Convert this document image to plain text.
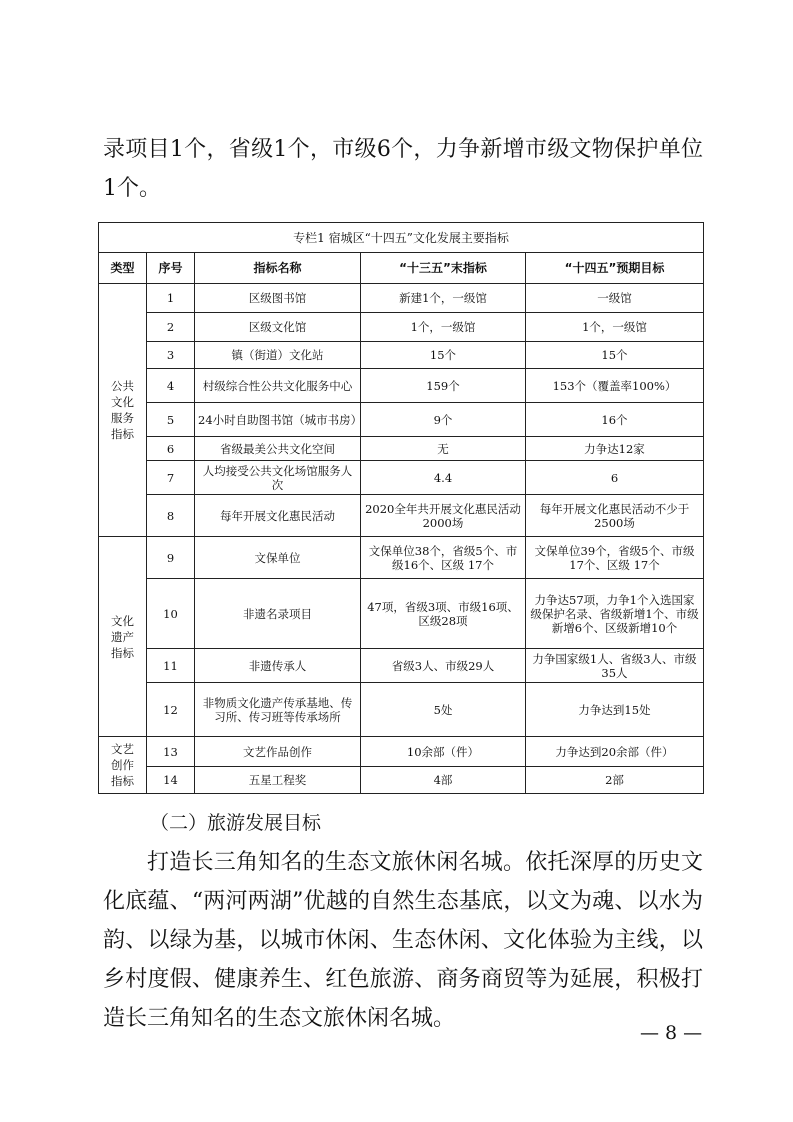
录项目1个，省级1个，市级6个，力争新增市级文物保护单位1个。

专栏1 宿城区“十四五”文化发展主要指标				
类型	序号	指标名称	“十三五”末指标	“十四五”预期目标
公共文化服务指标	1	区级图书馆	新建1个，一级馆	一级馆
	2	区级文化馆	1个，一级馆	1个，一级馆
	3	镇（街道）文化站	15个	15个
	4	村级综合性公共文化服务中心	159个	153个（覆盖率100%）
	5	24小时自助图书馆（城市书房）	9个	16个
	6	省级最美公共文化空间	无	力争达12家
	7	人均接受公共文化场馆服务人次	4.4	6
	8	每年开展文化惠民活动	2020全年共开展文化惠民活动2000场	每年开展文化惠民活动不少于2500场
文化遗产指标	9	文保单位	文保单位38个，省级5个、市级16个、区级 17个	文保单位39个，省级5个、市级17个、区级 17个
	10	非遗名录项目	47项，省级3项、市级16项、区级28项	力争达57项，力争1个入选国家级保护名录、省级新增1个、市级新增6个、区级新增10个
	11	非遗传承人	省级3人、市级29人	力争国家级1人、省级3人、市级35人
	12	非物质文化遗产传承基地、传习所、传习班等传承场所	5处	力争达到15处
文艺创作指标	13	文艺作品创作	10余部（件）	力争达到20余部（件）
	14	五星工程奖	4部	2部
（二）旅游发展目标

打造长三角知名的生态文旅休闲名城。依托深厚的历史文化底蕴、“两河两湖”优越的自然生态基底，以文为魂、以水为韵、以绿为基，以城市休闲、生态休闲、文化体验为主线，以乡村度假、健康养生、红色旅游、商务商贸等为延展，积极打造长三角知名的生态文旅休闲名城。

— 8 —
